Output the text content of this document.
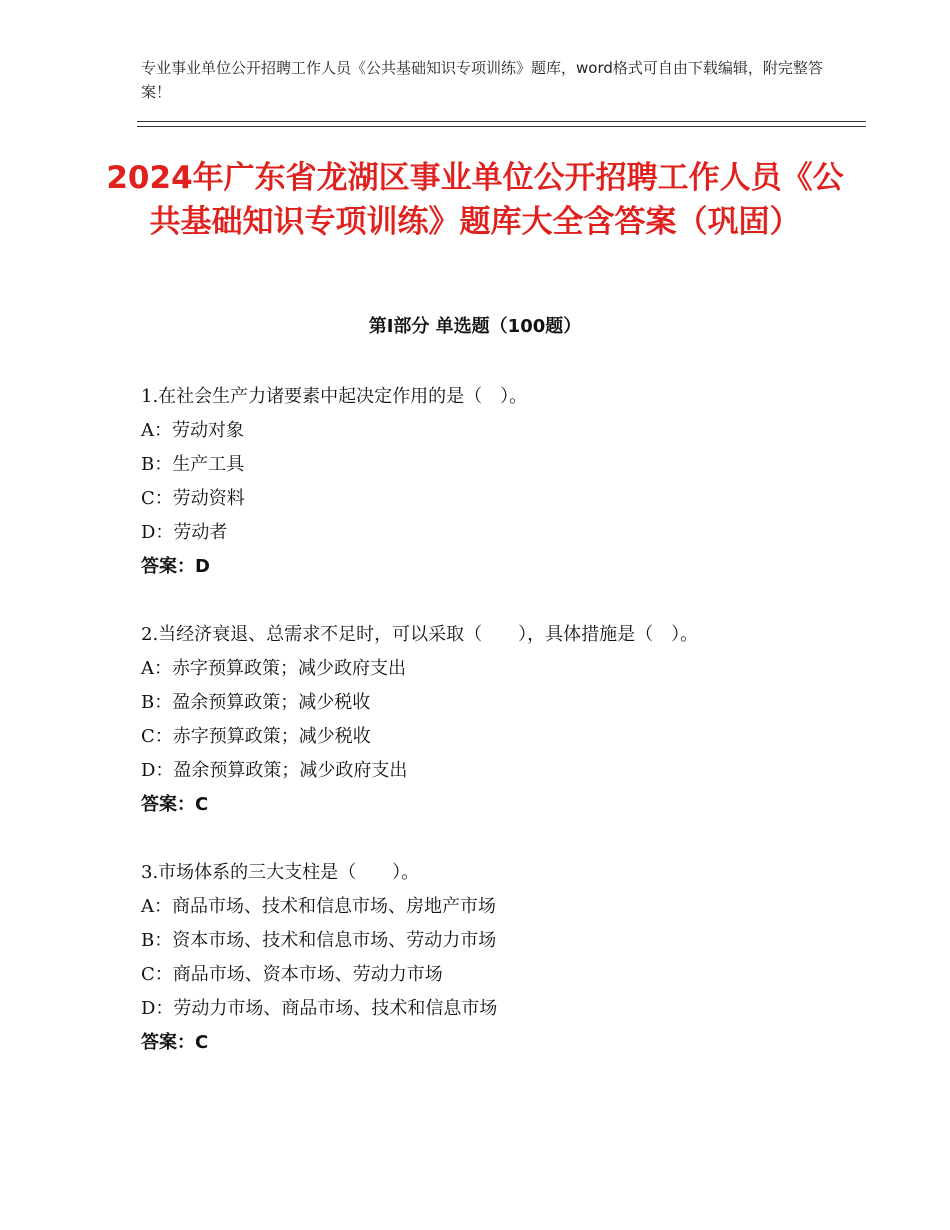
专业事业单位公开招聘工作人员《公共基础知识专项训练》题库，word格式可自由下载编辑，附完整答案！
2024年广东省龙湖区事业单位公开招聘工作人员《公共基础知识专项训练》题库大全含答案（巩固）
第Ⅰ部分 单选题（100题）

1.在社会生产力诸要素中起决定作用的是（　）。

A：劳动对象

B：生产工具

C：劳动资料

D：劳动者

答案：D

2.当经济衰退、总需求不足时，可以采取（　　），具体措施是（　）。

A：赤字预算政策；减少政府支出

B：盈余预算政策；减少税收

C：赤字预算政策；减少税收

D：盈余预算政策；减少政府支出

答案：C

3.市场体系的三大支柱是（　　）。

A：商品市场、技术和信息市场、房地产市场

B：资本市场、技术和信息市场、劳动力市场

C：商品市场、资本市场、劳动力市场

D：劳动力市场、商品市场、技术和信息市场

答案：C
